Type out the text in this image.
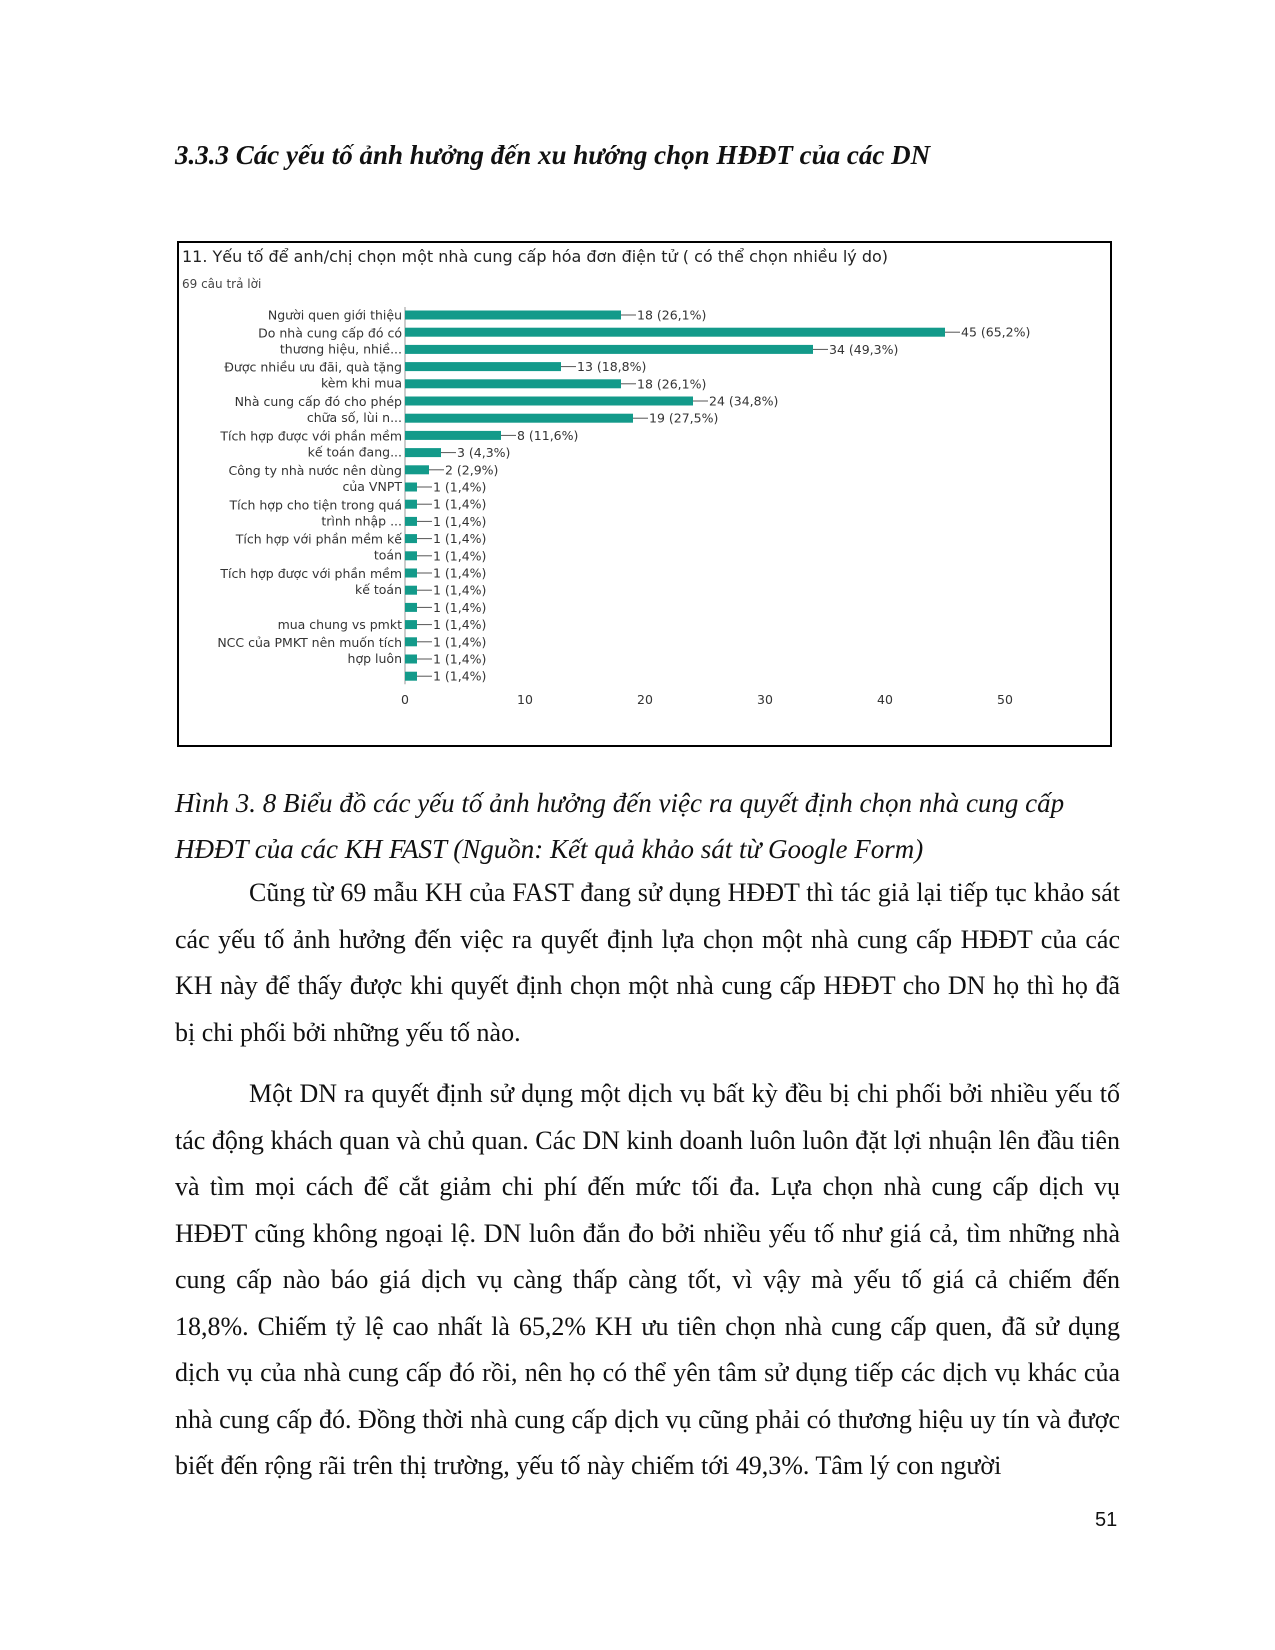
3.3.3 Các yếu tố ảnh hưởng đến xu hướng chọn HĐĐT của các DN
18 (26,1%)
45 (65,2%)
34 (49,3%)
13 (18,8%)
18 (26,1%)
24 (34,8%)
19 (27,5%)
8 (11,6%)
3 (4,3%)
2 (2,9%)
1 (1,4%)
1 (1,4%)
1 (1,4%)
1 (1,4%)
1 (1,4%)
1 (1,4%)
1 (1,4%)
1 (1,4%)
1 (1,4%)
1 (1,4%)
1 (1,4%)
1 (1,4%)
Người quen giới thiệu
Do nhà cung cấp đó có
thương hiệu, nhiề...
Được nhiều ưu đãi, quà tặng
kèm khi mua
Nhà cung cấp đó cho phép
chữa số, lùi n...
Tích hợp được với phần mềm
kế toán đang...
Công ty nhà nước nên dùng
của VNPT
Tích hợp cho tiện trong quá
trình nhập ...
Tích hợp với phần mềm kế
toán
Tích hợp được với phần mềm
kế toán
mua chung vs pmkt
NCC của PMKT nên muốn tích
hợp luôn
0	10	20	30	40	50
11. Yếu tố để anh/chị chọn một nhà cung cấp hóa đơn điện tử ( có thể chọn nhiều lý do)
69 câu trả lời

Hình 3. 8 Biểu đồ các yếu tố ảnh hưởng đến việc ra quyết định chọn nhà cung cấp HĐĐT của các KH FAST (Nguồn: Kết quả khảo sát từ Google Form)

Cũng từ 69 mẫu KH của FAST đang sử dụng HĐĐT thì tác giả lại tiếp tục khảo sát các yếu tố ảnh hưởng đến việc ra quyết định lựa chọn một nhà cung cấp HĐĐT của các KH này để thấy được khi quyết định chọn một nhà cung cấp HĐĐT cho DN họ thì họ đã bị chi phối bởi những yếu tố nào.

Một DN ra quyết định sử dụng một dịch vụ bất kỳ đều bị chi phối bởi nhiều yếu tố tác động khách quan và chủ quan. Các DN kinh doanh luôn luôn đặt lợi nhuận lên đầu tiên và tìm mọi cách để cắt giảm chi phí đến mức tối đa. Lựa chọn nhà cung cấp dịch vụ HĐĐT cũng không ngoại lệ. DN luôn đắn đo bởi nhiều yếu tố như giá cả, tìm những nhà cung cấp nào báo giá dịch vụ càng thấp càng tốt, vì vậy mà yếu tố giá cả chiếm đến 18,8%. Chiếm tỷ lệ cao nhất là 65,2% KH ưu tiên chọn nhà cung cấp quen, đã sử dụng dịch vụ của nhà cung cấp đó rồi, nên họ có thể yên tâm sử dụng tiếp các dịch vụ khác của nhà cung cấp đó. Đồng thời nhà cung cấp dịch vụ cũng phải có thương hiệu uy tín và được biết đến rộng rãi trên thị trường, yếu tố này chiếm tới 49,3%. Tâm lý con người

51
